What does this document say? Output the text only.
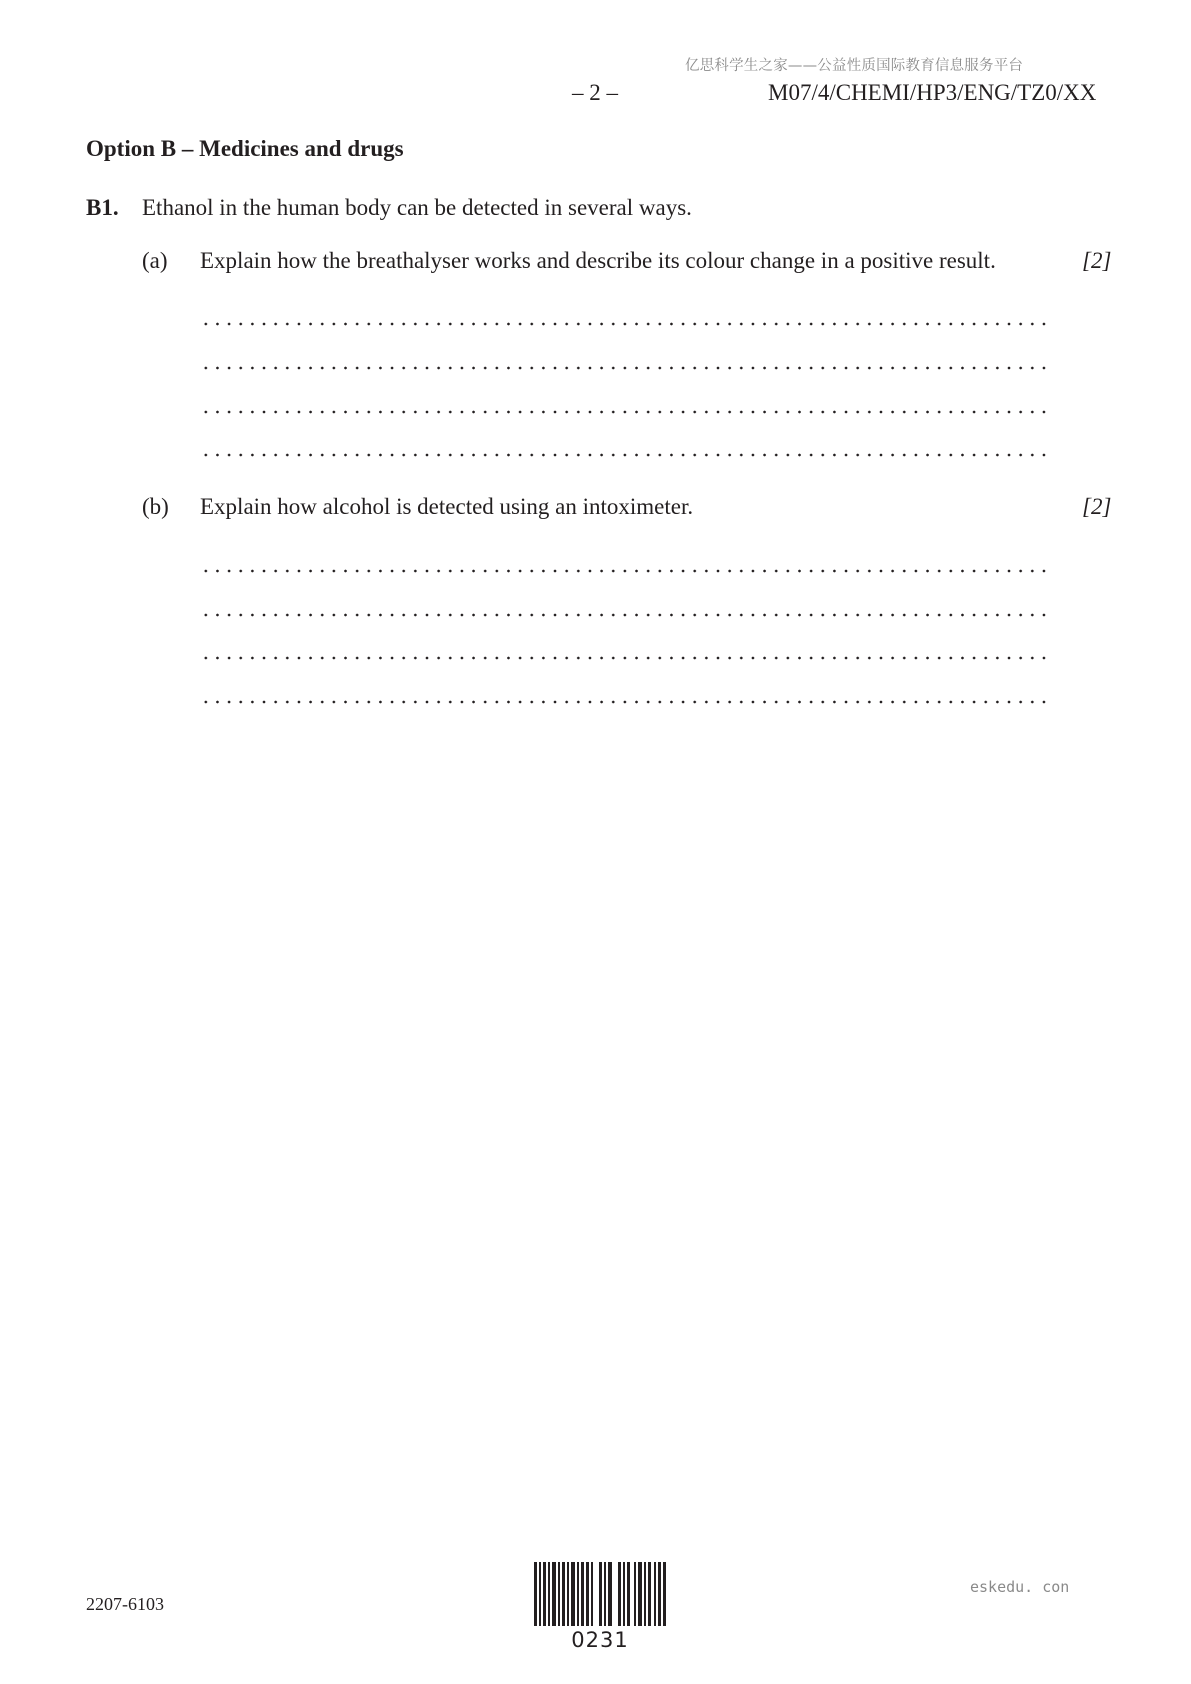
亿思科学生之家——公益性质国际教育信息服务平台
– 2 –	M07/4/CHEMI/HP3/ENG/TZ0/XX
Option B – Medicines and drugs
B1. Ethanol in the human body can be detected in several ways.
(a) Explain how the breathalyser works and describe its colour change in a positive result.	[2]
(b) Explain how alcohol is detected using an intoximeter.	[2]
2207-6103
0231
eskedu. con
